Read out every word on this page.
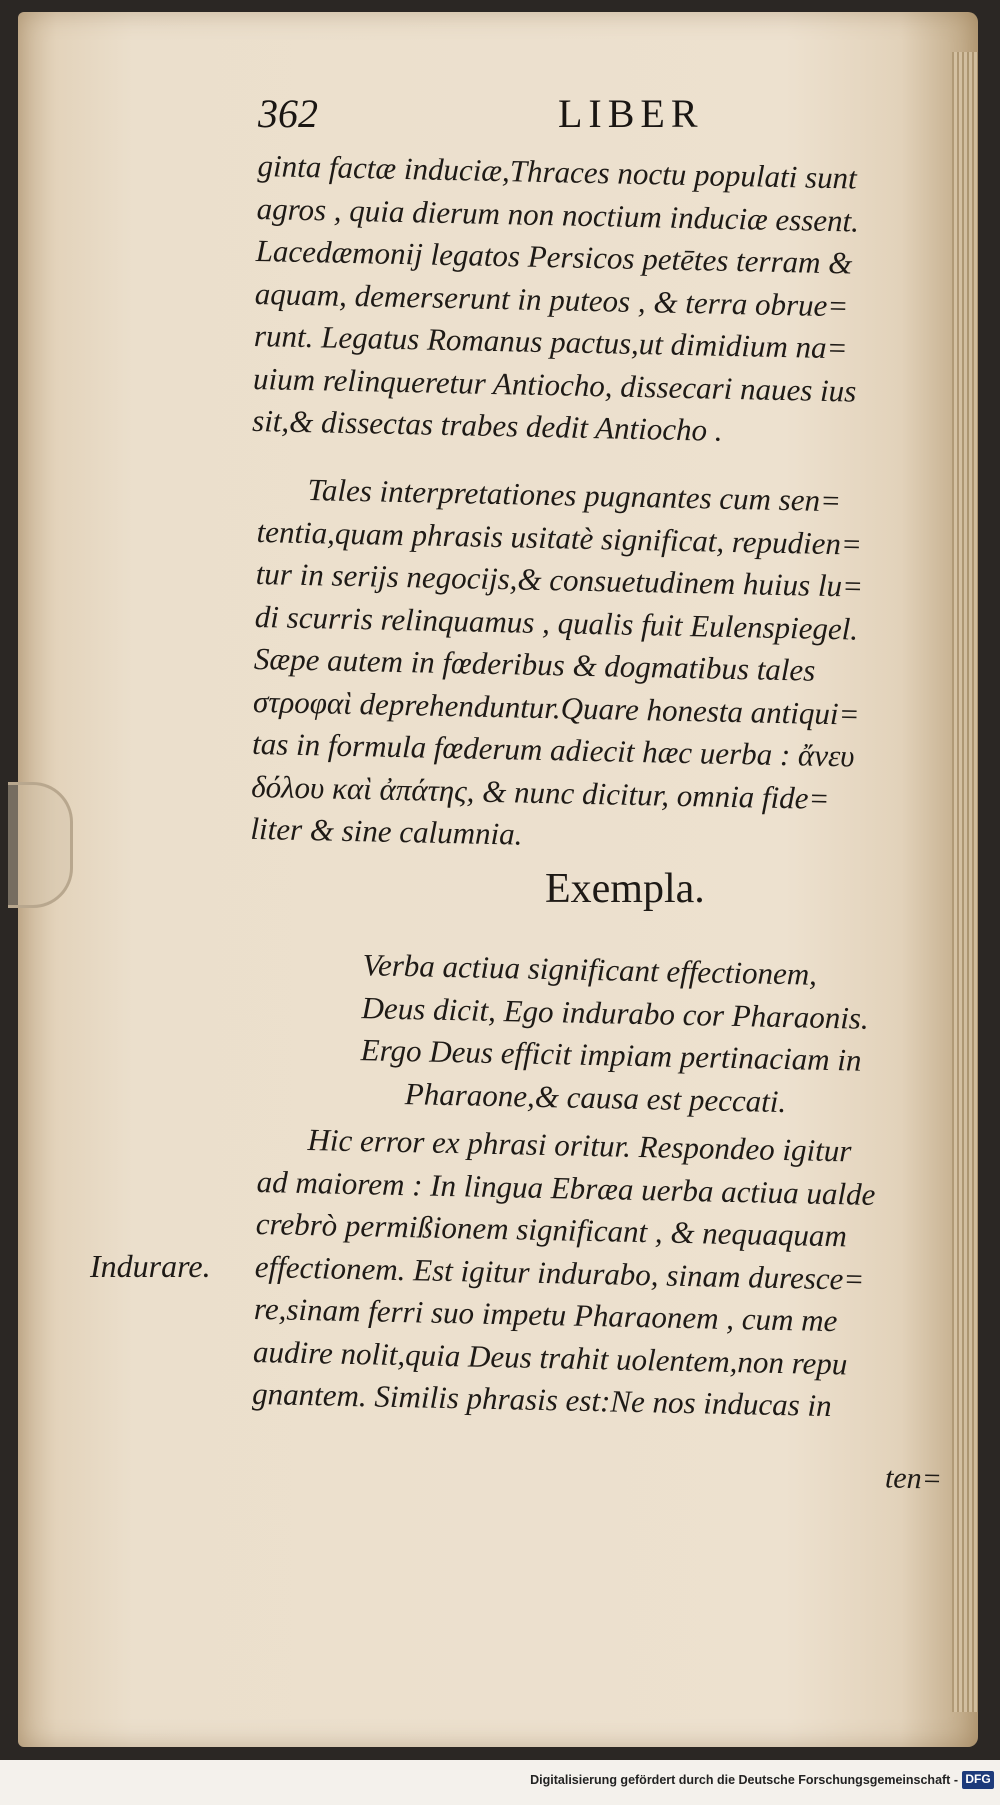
362	LIBER

ginta factæ induciæ,Thraces noctu populati sunt

agros , quia dierum non noctium induciæ essent.

Lacedæmonij legatos Persicos petētes terram &

aquam, demerserunt in puteos , & terra obrue=

runt. Legatus Romanus pactus,ut dimidium na=

uium relinqueretur Antiocho, dissecari naues ius

sit,& dissectas trabes dedit Antiocho .

Tales interpretationes pugnantes cum sen=

tentia,quam phrasis usitatè significat, repudien=

tur in serijs negocijs,& consuetudinem huius lu=

di scurris relinquamus , qualis fuit Eulenspiegel.

Sæpe autem in fœderibus & dogmatibus tales

στροφαὶ deprehenduntur.Quare honesta antiqui=

tas in formula fœderum adiecit hæc uerba : ἄνευ

δόλου καὶ ἀπάτης, & nunc dicitur, omnia fide=

liter & sine calumnia.

Exempla.

Verba actiua significant effectionem,

Deus dicit, Ego indurabo cor Pharaonis.

Ergo Deus efficit impiam pertinaciam in

Pharaone,& causa est peccati.

Hic error ex phrasi oritur. Respondeo igitur

ad maiorem : In lingua Ebræa uerba actiua ualde

crebrò permißionem significant , & nequaquam

effectionem. Est igitur indurabo, sinam duresce=

re,sinam ferri suo impetu Pharaonem , cum me

audire nolit,quia Deus trahit uolentem,non repu

gnantem. Similis phrasis est:Ne nos inducas in

ten=
Indurare.
Digitalisierung gefördert durch die Deutsche Forschungsgemeinschaft - DFG
